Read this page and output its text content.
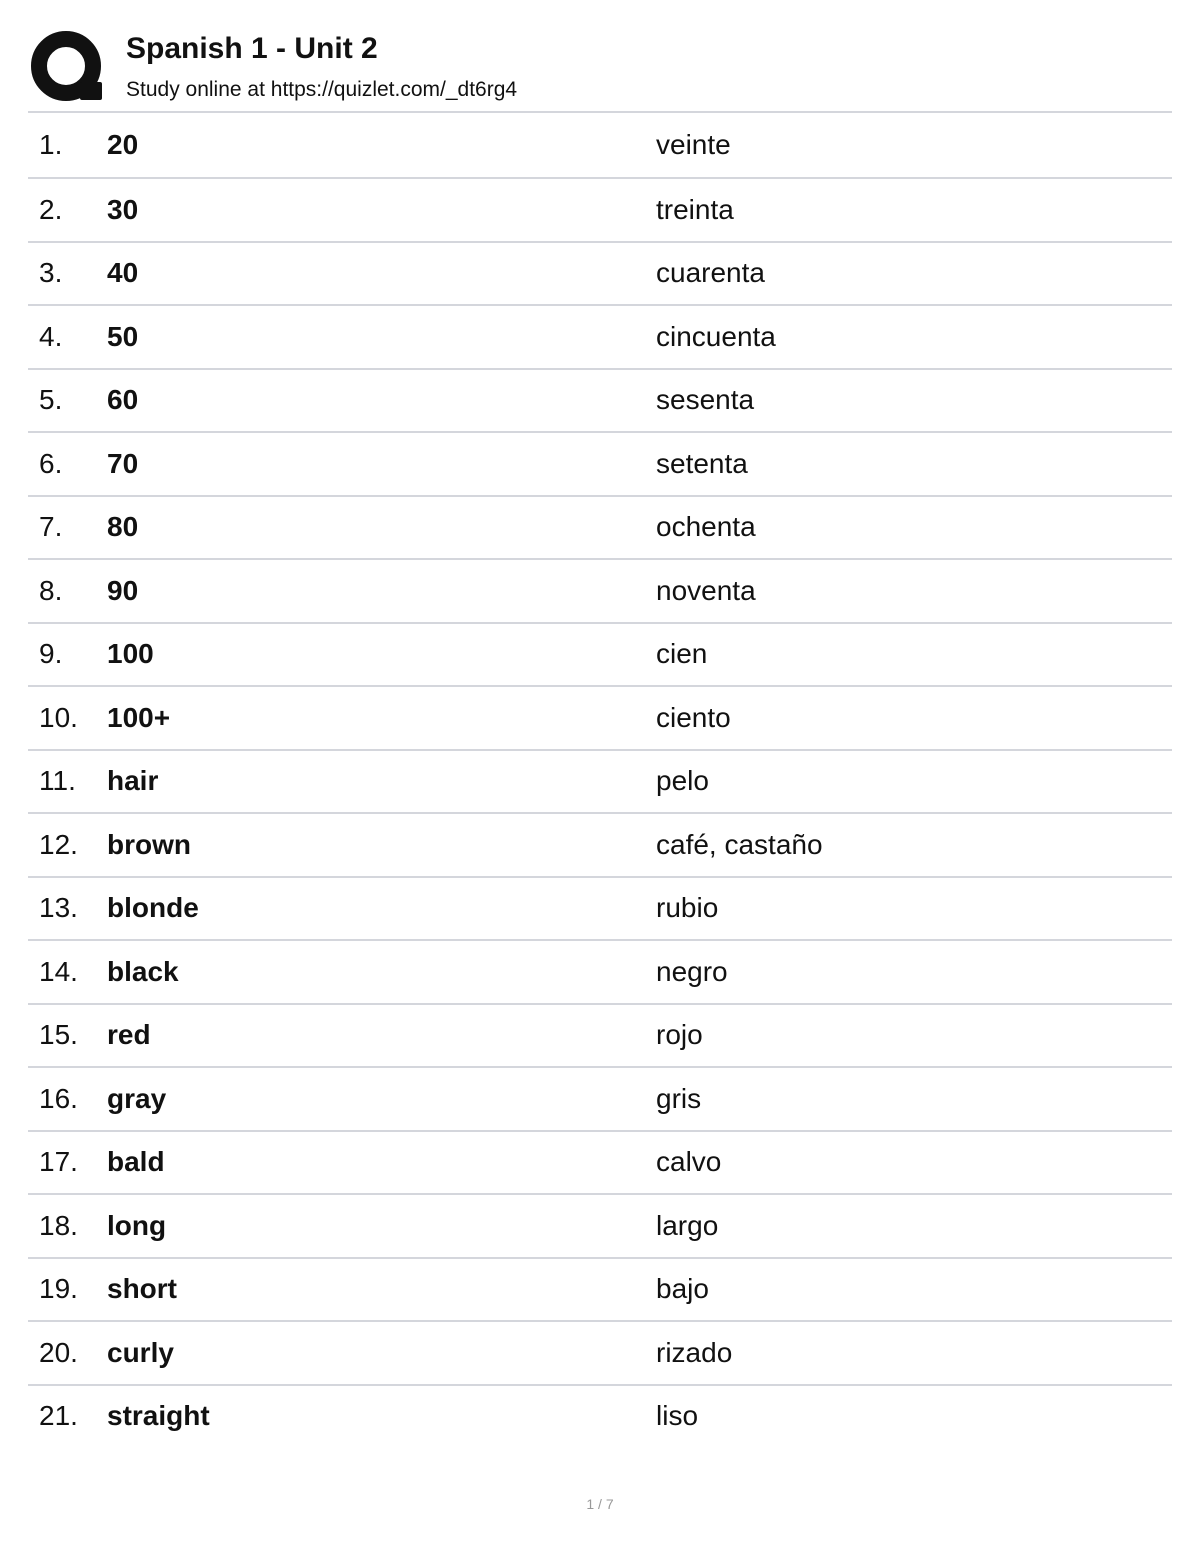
Spanish 1 - Unit 2
Study online at https://quizlet.com/_dt6rg4
1. 20	veinte
2. 30	treinta
3. 40	cuarenta
4. 50	cincuenta
5. 60	sesenta
6. 70	setenta
7. 80	ochenta
8. 90	noventa
9. 100	cien
10. 100+	ciento
11. hair	pelo
12. brown	café, castaño
13. blonde	rubio
14. black	negro
15. red	rojo
16. gray	gris
17. bald	calvo
18. long	largo
19. short	bajo
20. curly	rizado
21. straight	liso
1 / 7
